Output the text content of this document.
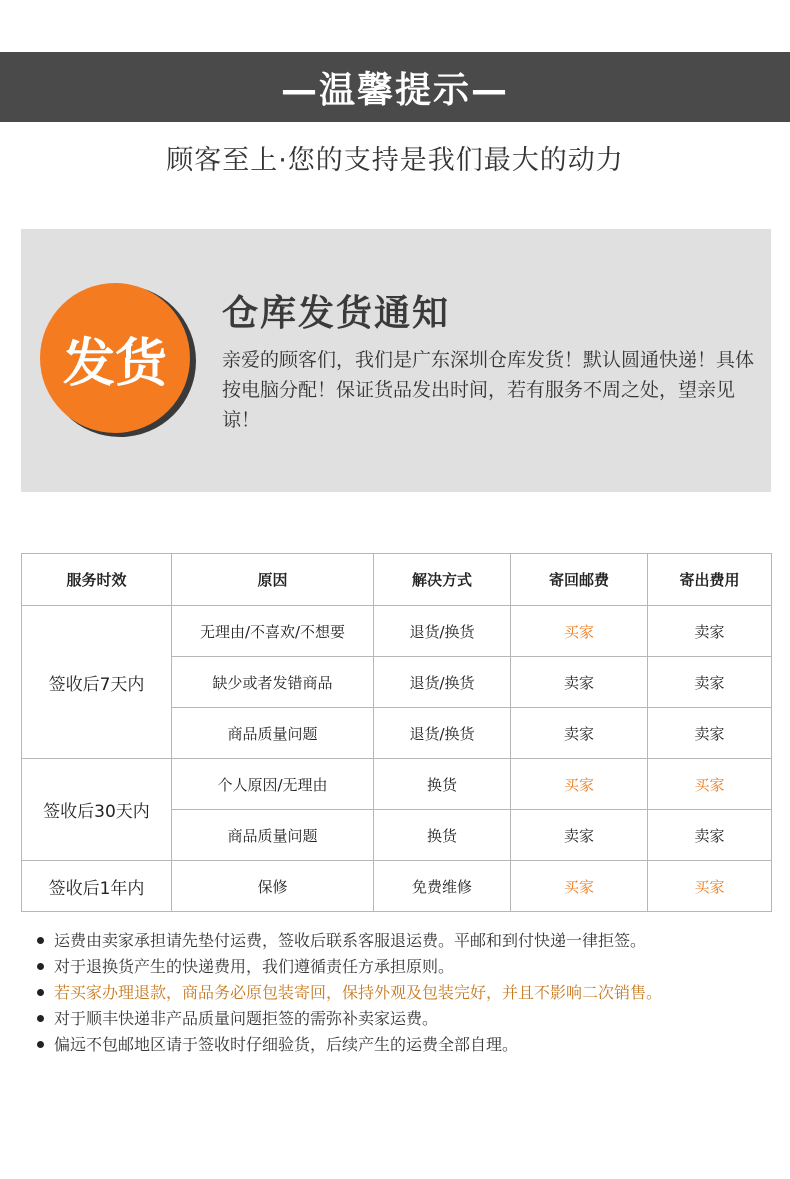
—温馨提示—
顾客至上·您的支持是我们最大的动力
发货
仓库发货通知
亲爱的顾客们，我们是广东深圳仓库发货！默认圆通快递！具体按电脑分配！保证货品发出时间，若有服务不周之处，望亲见谅！
服务时效	原因	解决方式	寄回邮费	寄出费用
签收后7天内	无理由/不喜欢/不想要	退货/换货	买家	卖家
	缺少或者发错商品	退货/换货	卖家	卖家
	商品质量问题	退货/换货	卖家	卖家
签收后30天内	个人原因/无理由	换货	买家	买家
	商品质量问题	换货	卖家	卖家
签收后1年内	保修	免费维修	买家	买家
运费由卖家承担请先垫付运费，签收后联系客服退运费。平邮和到付快递一律拒签。
对于退换货产生的快递费用，我们遵循责任方承担原则。
若买家办理退款，商品务必原包装寄回，保持外观及包装完好，并且不影响二次销售。
对于顺丰快递非产品质量问题拒签的需弥补卖家运费。
偏远不包邮地区请于签收时仔细验货，后续产生的运费全部自理。
